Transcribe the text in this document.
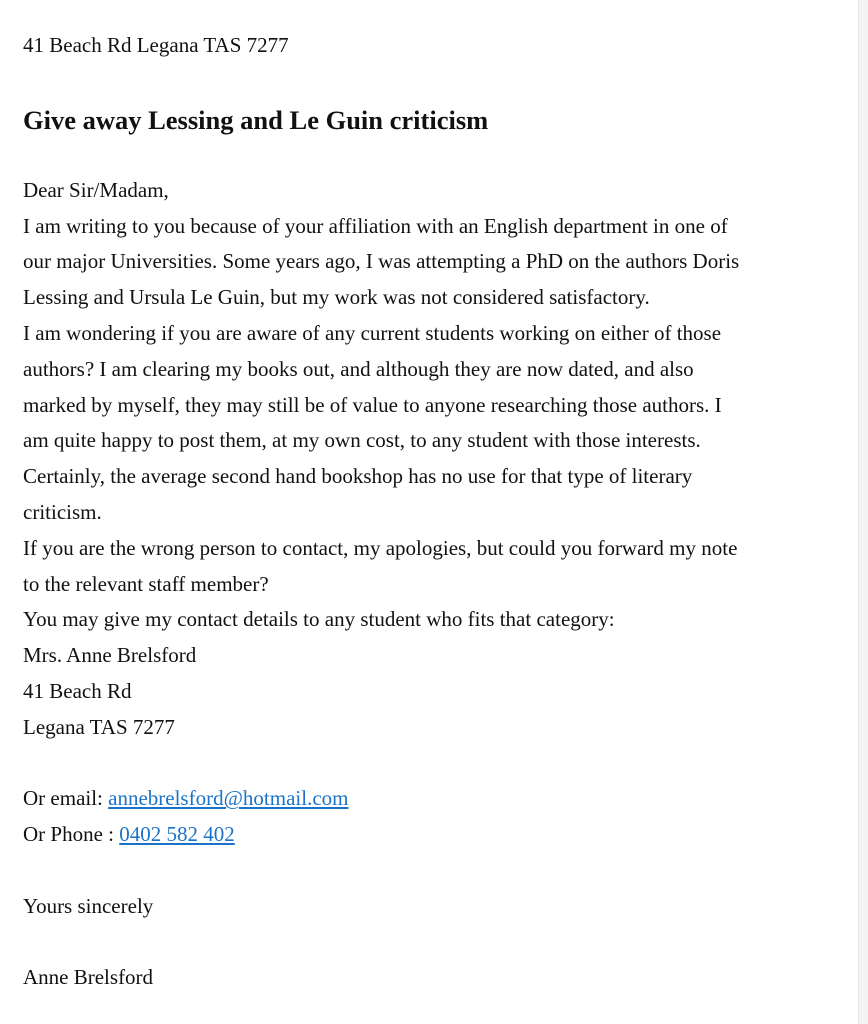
41 Beach Rd Legana TAS 7277

Give away Lessing and Le Guin criticism
Dear Sir/Madam,
I am writing to you because of your affiliation with an English department in one of
our major Universities. Some years ago, I was attempting a PhD on the authors Doris
Lessing and Ursula Le Guin, but my work was not considered satisfactory.
I am wondering if you are aware of any current students working on either of those
authors? I am clearing my books out, and although they are now dated, and also
marked by myself, they may still be of value to anyone researching those authors. I
am quite happy to post them, at my own cost, to any student with those interests.
Certainly, the average second hand bookshop has no use for that type of literary
criticism.
If you are the wrong person to contact, my apologies, but could you forward my note
to the relevant staff member?
You may give my contact details to any student who fits that category:
Mrs. Anne Brelsford
41 Beach Rd
Legana TAS 7277
Or email: annebrelsford@hotmail.com
Or Phone : 0402 582 402
Yours sincerely
Anne Brelsford
